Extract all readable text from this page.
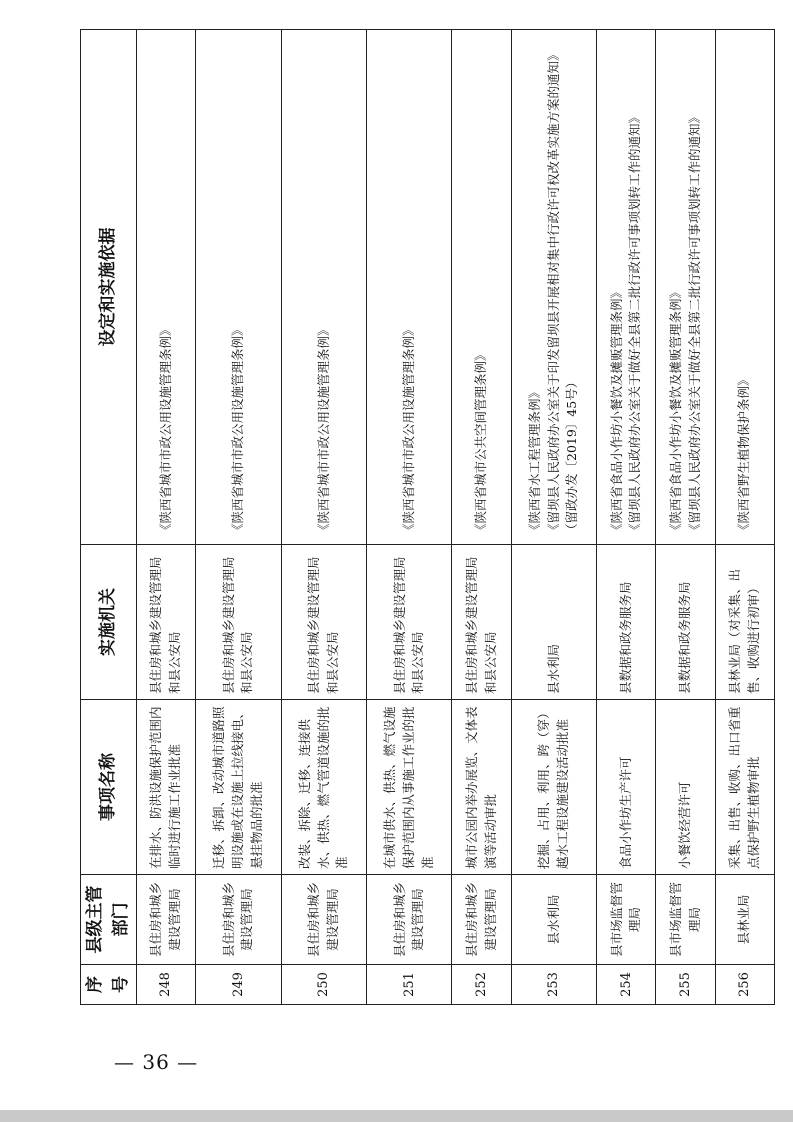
序号	县级主管部门	事项名称	实施机关	设定和实施依据
248	县住房和城乡建设管理局	在排水、防洪设施保护范围内临时进行施工作业批准	县住房和城乡建设管理局和县公安局	《陕西省城市市政公用设施管理条例》

249	县住房和城乡建设管理局	迁移、拆卸、改动城市道路照明设施或在设施上拉线接电、悬挂物品的批准	县住房和城乡建设管理局和县公安局	《陕西省城市市政公用设施管理条例》

250	县住房和城乡建设管理局	改装、拆除、迁移、连接供水、供热、燃气管道设施的批准	县住房和城乡建设管理局和县公安局	《陕西省城市市政公用设施管理条例》

251	县住房和城乡建设管理局	在城市供水、供热、燃气设施保护范围内从事施工作业的批准	县住房和城乡建设管理局和县公安局	《陕西省城市市政公用设施管理条例》

252	县住房和城乡建设管理局	城市公园内举办展览、文体表演等活动审批	县住房和城乡建设管理局和县公安局	《陕西省城市公共空间管理条例》

253	县水利局	挖掘、占用、利用、跨（穿）越水工程设施建设活动批准	县水利局	《陕西省水工程管理条例》 《留坝县人民政府办公室关于印发留坝县开展相对集中行政许可权改革实施方案的通知》（留政办发〔2019〕45号）

254	县市场监督管理局	食品小作坊生产许可	县数据和政务服务局	《陕西省食品小作坊小餐饮及摊贩管理条例》 《留坝县人民政府办公室关于做好全县第二批行政许可事项划转工作的通知》

255	县市场监督管理局	小餐饮经营许可	县数据和政务服务局	《陕西省食品小作坊小餐饮及摊贩管理条例》 《留坝县人民政府办公室关于做好全县第二批行政许可事项划转工作的通知》

256	县林业局	采集、出售、收购、出口省重点保护野生植物审批	县林业局（对采集、出售、收购进行初审）	《陕西省野生植物保护条例》
— 36 —
